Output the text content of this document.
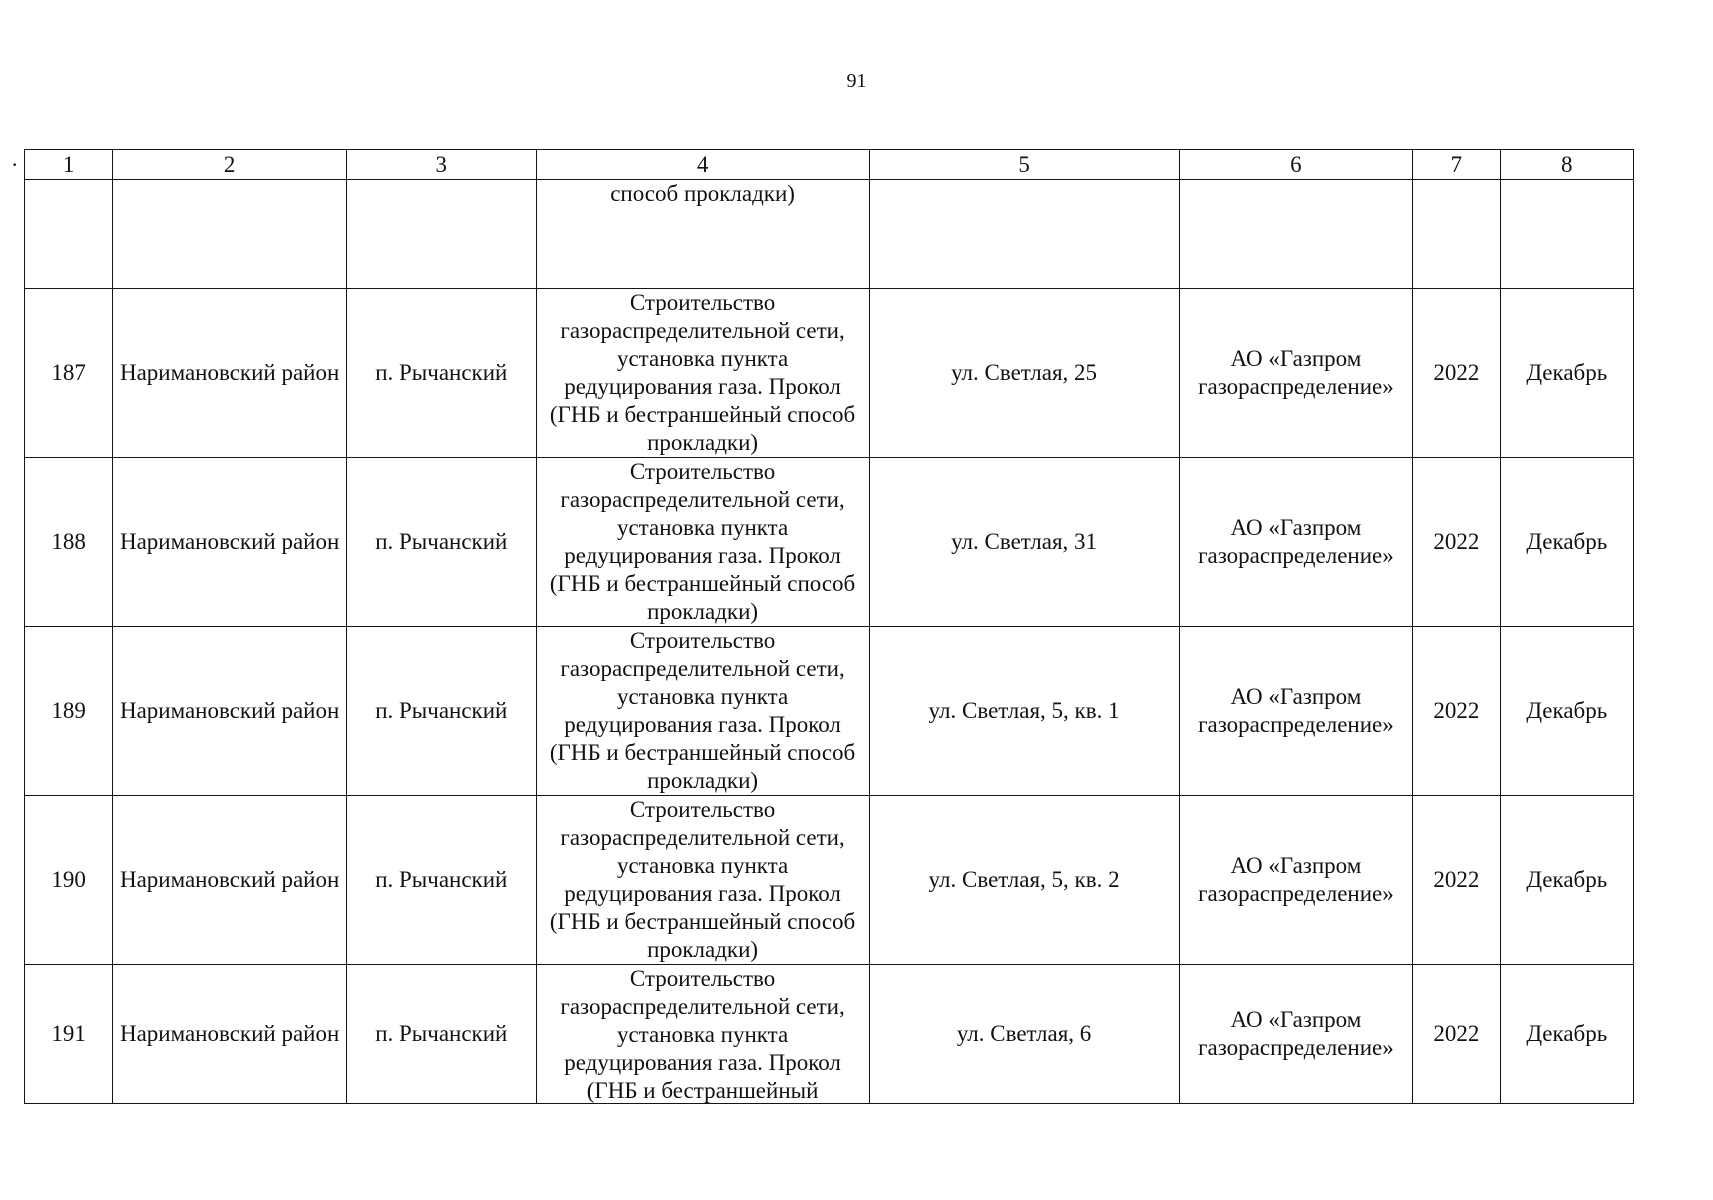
91
· 1	2	3	4	5	6	7	8
			способ прокладки)				
187	Наримановский район	п. Рычанский	Строительство газораспределительной сети, установка пункта редуцирования газа. Прокол (ГНБ и бестраншейный способ прокладки)	ул. Светлая, 25	АО «Газпром газораспределение»	2022	Декабрь
188	Наримановский район	п. Рычанский	Строительство газораспределительной сети, установка пункта редуцирования газа. Прокол (ГНБ и бестраншейный способ прокладки)	ул. Светлая, 31	АО «Газпром газораспределение»	2022	Декабрь
189	Наримановский район	п. Рычанский	Строительство газораспределительной сети, установка пункта редуцирования газа. Прокол (ГНБ и бестраншейный способ прокладки)	ул. Светлая, 5, кв. 1	АО «Газпром газораспределение»	2022	Декабрь
190	Наримановский район	п. Рычанский	Строительство газораспределительной сети, установка пункта редуцирования газа. Прокол (ГНБ и бестраншейный способ прокладки)	ул. Светлая, 5, кв. 2	АО «Газпром газораспределение»	2022	Декабрь
191	Наримановский район	п. Рычанский	Строительство газораспределительной сети, установка пункта редуцирования газа. Прокол (ГНБ и бестраншейный	ул. Светлая, 6	АО «Газпром газораспределение»	2022	Декабрь
